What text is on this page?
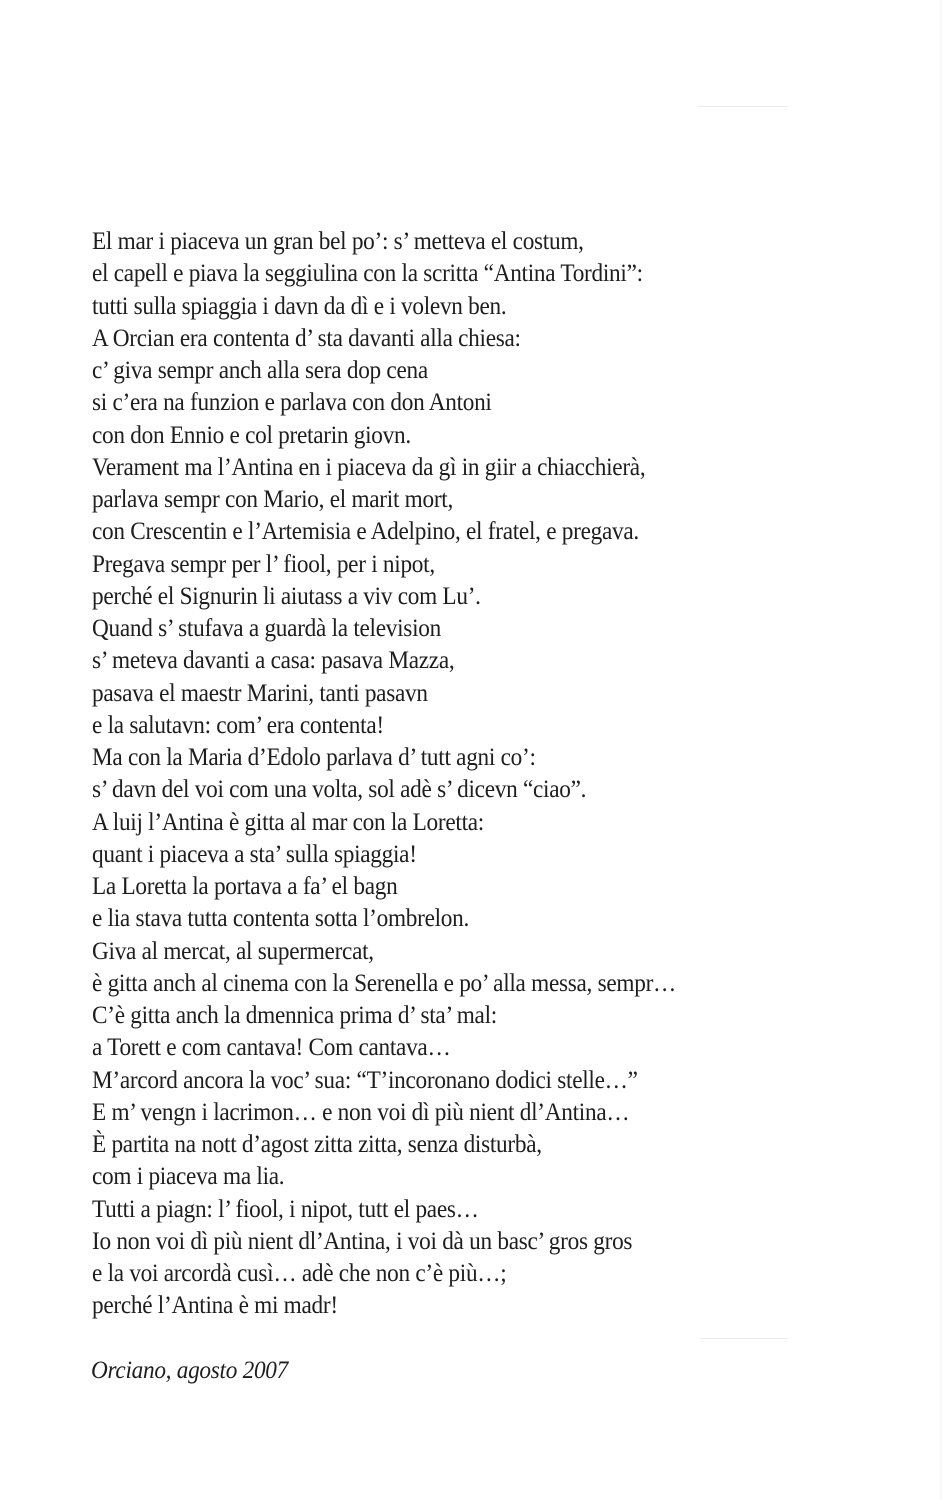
El mar i piaceva un gran bel po’: s’ metteva el costum,
el capell e piava la seggiulina con la scritta “Antina Tordini”:
tutti sulla spiaggia i davn da dì e i volevn ben.
A Orcian era contenta d’ sta davanti alla chiesa:
c’ giva sempr anch alla sera dop cena
si c’era na funzion e parlava con don Antoni
con don Ennio e col pretarin giovn.
Verament ma l’Antina en i piaceva da gì in giir a chiacchierà,
parlava sempr con Mario, el marit mort,
con Crescentin e l’Artemisia e Adelpino, el fratel, e pregava.
Pregava sempr per l’ fiool, per i nipot,
perché el Signurin li aiutass a viv com Lu’.
Quand s’ stufava a guardà la television
s’ meteva davanti a casa: pasava Mazza,
pasava el maestr Marini, tanti pasavn
e la salutavn: com’ era contenta!
Ma con la Maria d’Edolo parlava d’ tutt agni co’:
s’ davn del voi com una volta, sol adè s’ dicevn “ciao”.
A luij l’Antina è gitta al mar con la Loretta:
quant i piaceva a sta’ sulla spiaggia!
La Loretta la portava a fa’ el bagn
e lia stava tutta contenta sotta l’ombrelon.
Giva al mercat, al supermercat,
è gitta anch al cinema con la Serenella e po’ alla messa, sempr…
C’è gitta anch la dmennica prima d’ sta’ mal:
a Torett e com cantava! Com cantava…
M’arcord ancora la voc’ sua: “T’incoronano dodici stelle…”
E m’ vengn i lacrimon… e non voi dì più nient dl’Antina…
È partita na nott d’agost zitta zitta, senza disturbà,
com i piaceva ma lia.
Tutti a piagn: l’ fiool, i nipot, tutt el paes…
Io non voi dì più nient dl’Antina, i voi dà un basc’ gros gros
e la voi arcordà cusì… adè che non c’è più…;
perché l’Antina è mi madr!
Orciano, agosto 2007
